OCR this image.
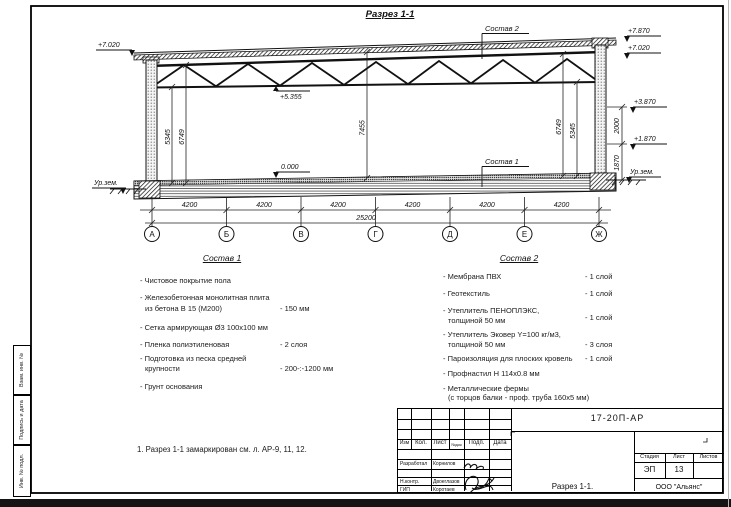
Состав 2
Состав 1
+7.020
Ур.зем.
+5.355
0.000
+7.870
+7.020
+3.870
+1.870
Ур.зем.
5345 6749
7455	6749 5345	2000
1870
4200	4200	4200	4200	4200	4200
25200
А	Б	В	Г	Д	Е	Ж
Разрез 1-1
Состав 1
- Чистовое покрытие пола
- Железобетонная монолитная плита
из бетона В 15 (М200)	- 150 мм
- Сетка армирующая Ø3 100х100 мм
- Пленка полиэтиленовая	- 2 слоя
- Подготовка из песка средней
крупности	- 200-:-1200 мм
- Грунт основания
Состав 2
- Мембрана ПВХ	- 1 слой
- Геотекстиль	- 1 слой
- Утеплитель ПЕНОПЛЭКС,
толщиной 50 мм	- 1 слой
- Утеплитель Эковер Y=100 кг/м3,
толщиной 50 мм	- 3 слоя
- Пароизоляция для плоских кровель - 1 слой
- Профнастил Н 114х0.8 мм
- Металлические фермы
(с торцов балки - проф. труба 160х5 мм)
1. Разрез 1-1 замаркирован см. л. АР-9, 11, 12.
17-20П-АР
Изм Кол.	Лист	№док	Подп.	Дата
Разработал	Корнилов
Н.контр.	Двоеглазов
ГИП	Коротаев
Стадия	Лист	Листов
ЭП	13
Разрез 1-1.	ООО "Альянс"
Взам. инв. №
Подпись и дата
Инв. № подл.
